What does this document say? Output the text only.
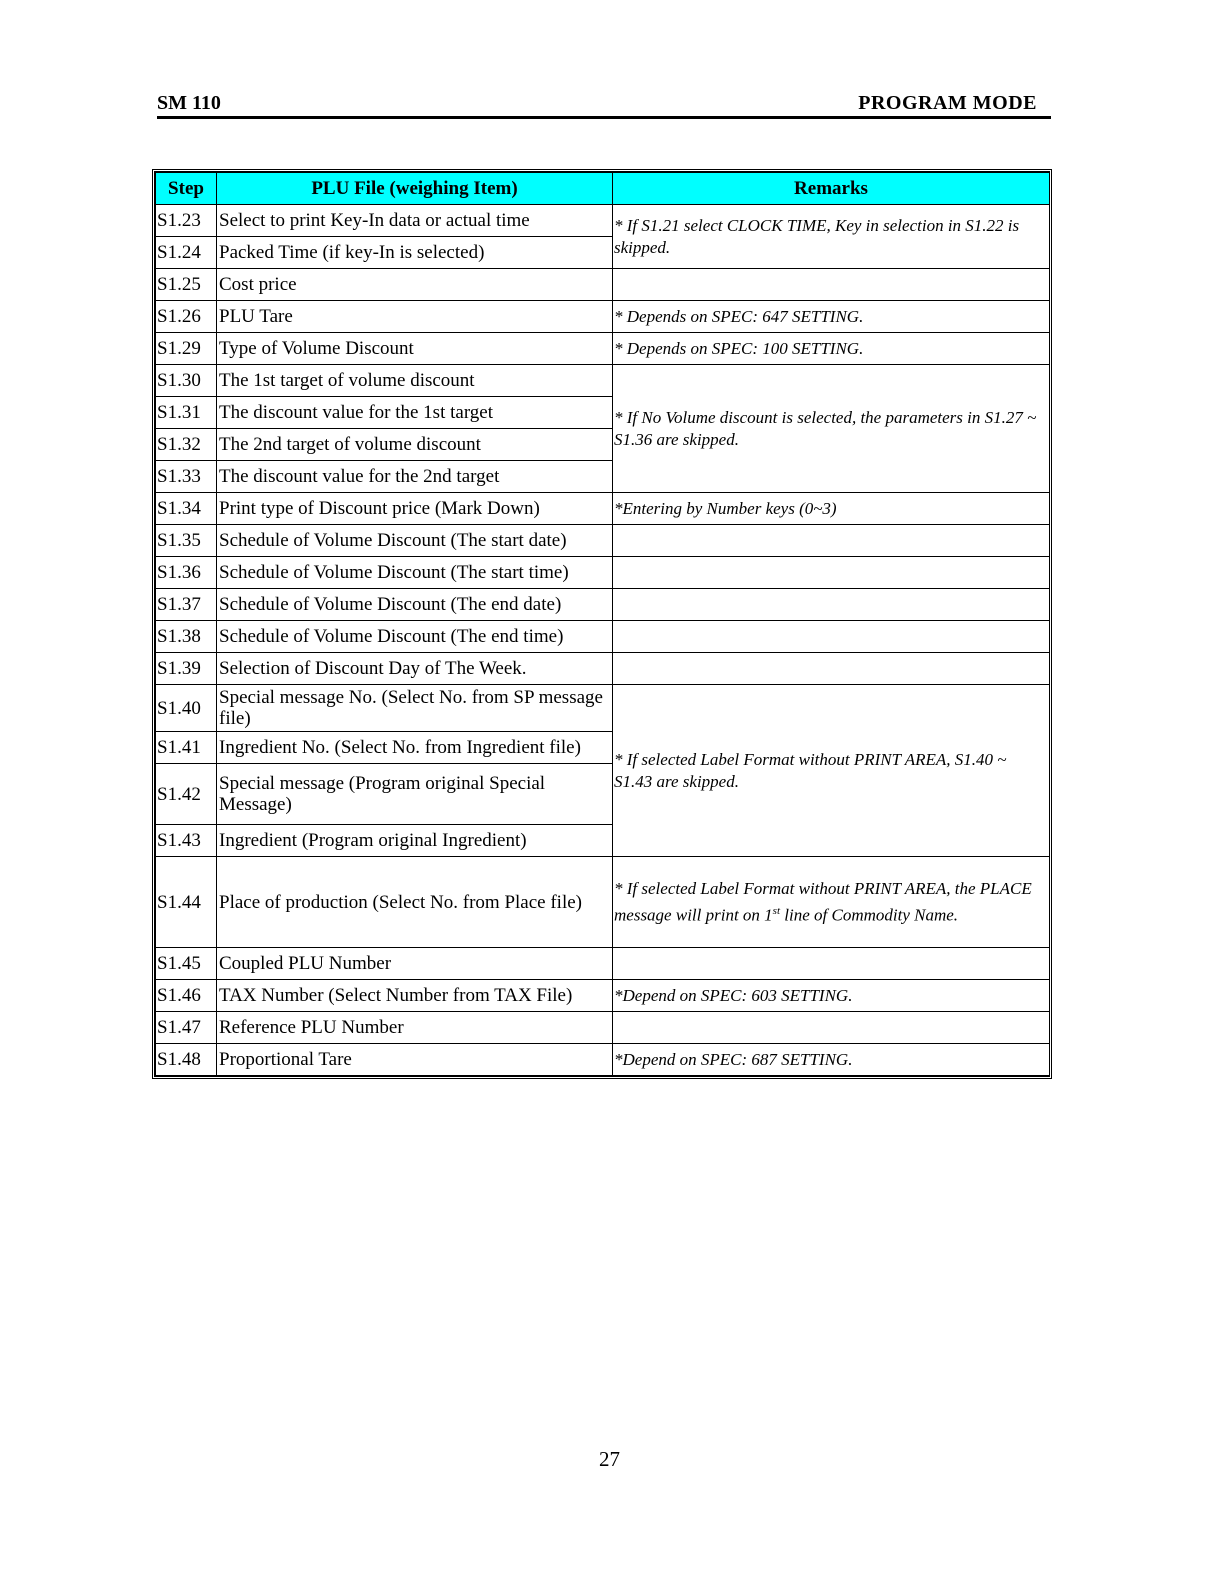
SM 110	PROGRAM MODE
Step	PLU File (weighing Item)	Remarks
S1.23	Select to print Key-In data or actual time	* If S1.21 select CLOCK TIME, Key in selection in S1.22 is skipped.
S1.24	Packed Time (if key-In is selected)	
S1.25	Cost price	
S1.26	PLU Tare	* Depends on SPEC: 647 SETTING.
S1.29	Type of Volume Discount	* Depends on SPEC: 100 SETTING.
S1.30	The 1st target of volume discount	* If No Volume discount is selected, the parameters in S1.27 ~ S1.36 are skipped.
S1.31	The discount value for the 1st target	
S1.32	The 2nd target of volume discount	
S1.33	The discount value for the 2nd target	
S1.34	Print type of Discount price (Mark Down)	*Entering by Number keys (0~3)
S1.35	Schedule of Volume Discount (The start date)	
S1.36	Schedule of Volume Discount (The start time)	
S1.37	Schedule of Volume Discount (The end date)	
S1.38	Schedule of Volume Discount (The end time)	
S1.39	Selection of Discount Day of The Week.	
S1.40	Special message No. (Select No. from SP message file)	* If selected Label Format without PRINT AREA, S1.40 ~ S1.43 are skipped.
S1.41	Ingredient No. (Select No. from Ingredient file)	
S1.42	Special message (Program original Special Message)	
S1.43	Ingredient (Program original Ingredient)	
S1.44	Place of production (Select No. from Place file)	* If selected Label Format without PRINT AREA, the PLACE message will print on 1st line of Commodity Name.
S1.45	Coupled PLU Number	
S1.46	TAX Number (Select Number from TAX File)	*Depend on SPEC: 603 SETTING.
S1.47	Reference PLU Number	
S1.48	Proportional Tare	*Depend on SPEC: 687 SETTING.
27
